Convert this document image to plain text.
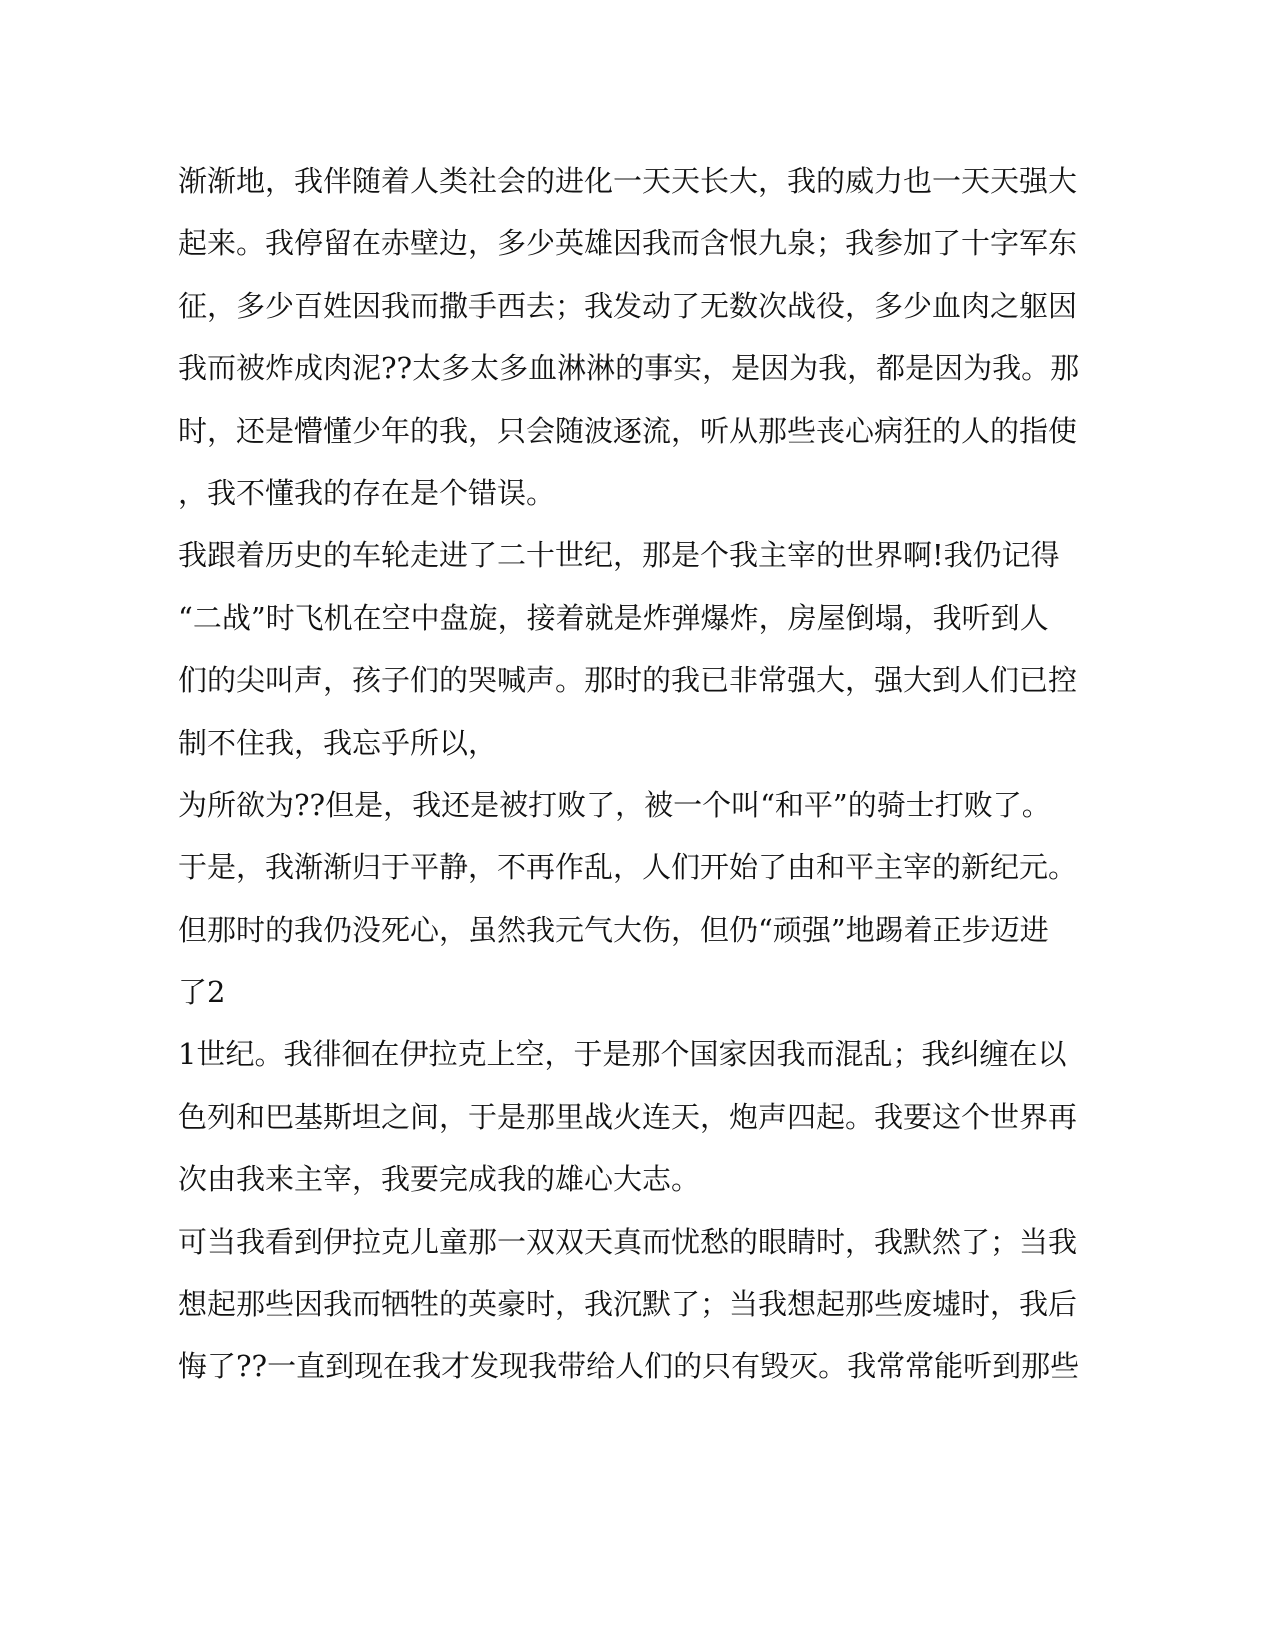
渐渐地，我伴随着人类社会的进化一天天长大，我的威力也一天天强大
起来。我停留在赤壁边，多少英雄因我而含恨九泉；我参加了十字军东
征，多少百姓因我而撒手西去；我发动了无数次战役，多少血肉之躯因
我而被炸成肉泥??太多太多血淋淋的事实，是因为我，都是因为我。那
时，还是懵懂少年的我，只会随波逐流，听从那些丧心病狂的人的指使
，我不懂我的存在是个错误。
我跟着历史的车轮走进了二十世纪，那是个我主宰的世界啊!我仍记得
“二战”时飞机在空中盘旋，接着就是炸弹爆炸，房屋倒塌，我听到人
们的尖叫声，孩子们的哭喊声。那时的我已非常强大，强大到人们已控
制不住我，我忘乎所以，
为所欲为??但是，我还是被打败了，被一个叫“和平”的骑士打败了。
于是，我渐渐归于平静，不再作乱，人们开始了由和平主宰的新纪元。
但那时的我仍没死心，虽然我元气大伤，但仍“顽强”地踢着正步迈进
了2
1世纪。我徘徊在伊拉克上空，于是那个国家因我而混乱；我纠缠在以
色列和巴基斯坦之间，于是那里战火连天，炮声四起。我要这个世界再
次由我来主宰，我要完成我的雄心大志。
可当我看到伊拉克儿童那一双双天真而忧愁的眼睛时，我默然了；当我
想起那些因我而牺牲的英豪时，我沉默了；当我想起那些废墟时，我后
悔了??一直到现在我才发现我带给人们的只有毁灭。我常常能听到那些
